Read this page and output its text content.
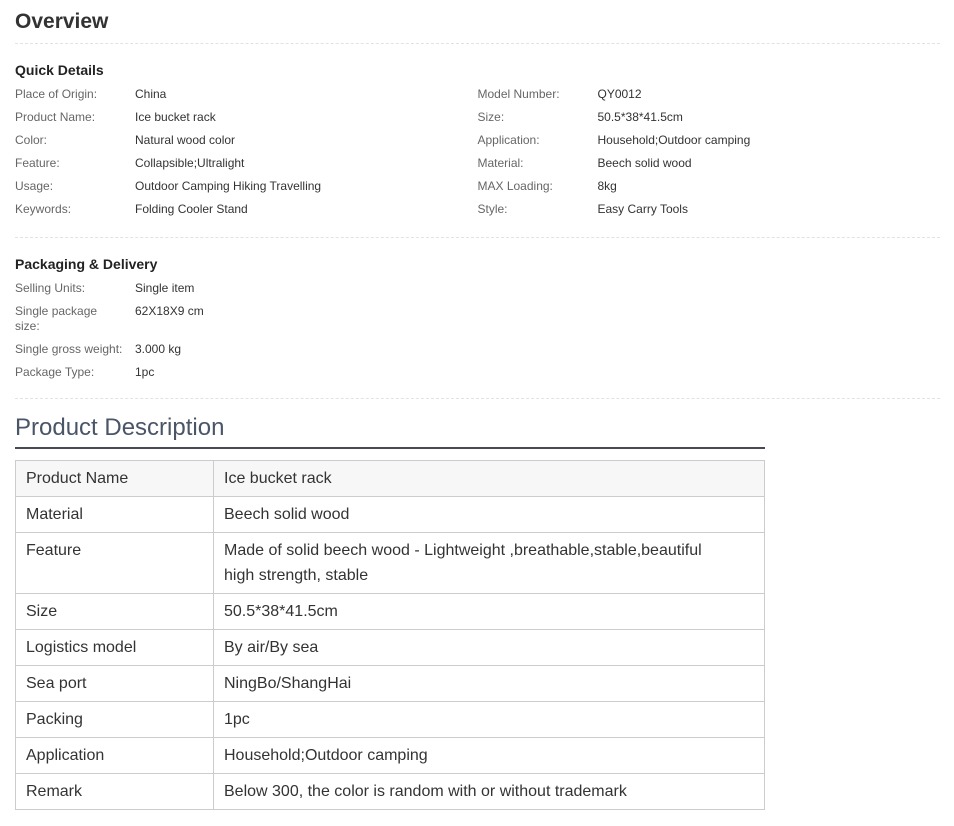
Overview
Quick Details
Place of Origin:	China
Product Name:	Ice bucket rack
Color:	Natural wood color
Feature:	Collapsible;Ultralight
Usage:	Outdoor Camping Hiking Travelling
Keywords:	Folding Cooler Stand
Model Number:	QY0012
Size:	50.5*38*41.5cm
Application:	Household;Outdoor camping
Material:	Beech solid wood
MAX Loading:	8kg
Style:	Easy Carry Tools
Packaging & Delivery
Selling Units:	Single item
Single package size:
62X18X9 cm
Single gross weight:	3.000 kg
Package Type:	1pc
Product Description
Product Name	Ice bucket rack
Material	Beech solid wood
Feature	Made of solid beech wood - Lightweight ,breathable,stable,beautiful high strength, stable
Size	50.5*38*41.5cm
Logistics model	By air/By sea
Sea port	NingBo/ShangHai
Packing	1pc
Application	Household;Outdoor camping
Remark	Below 300, the color is random with or without trademark
